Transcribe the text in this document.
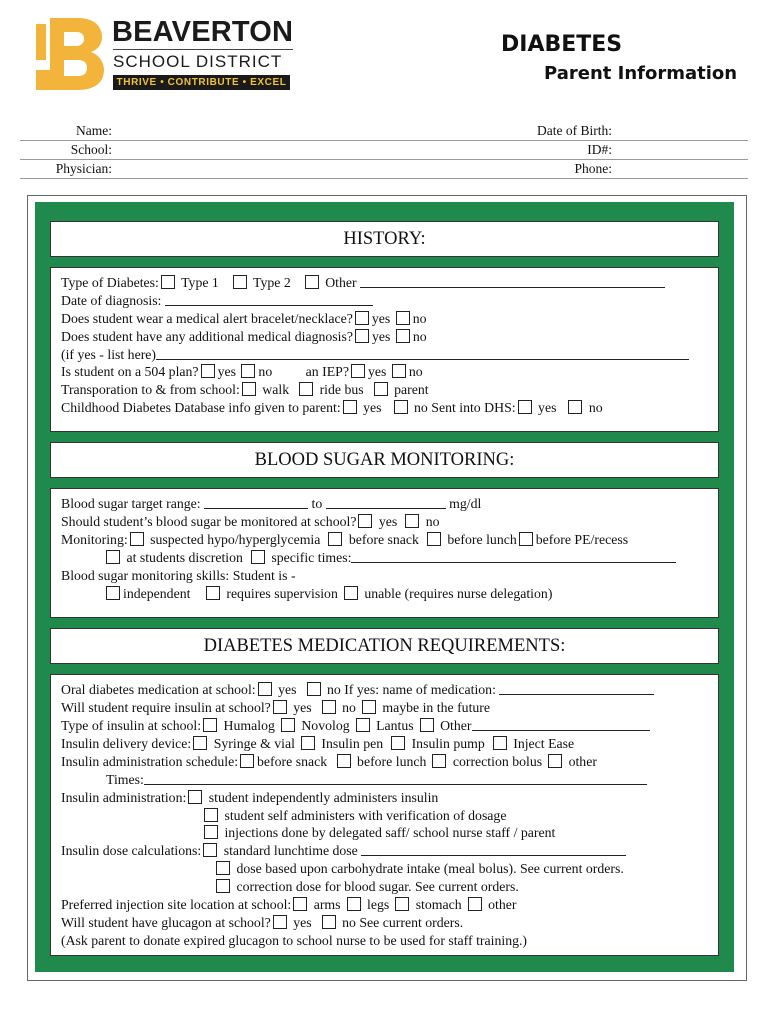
BEAVERTON
SCHOOL DISTRICT
THRIVE • CONTRIBUTE • EXCEL
DIABETES
Parent Information
Name:	Date of Birth:
School:	ID#:
Physician:	Phone:
HISTORY:
Type of Diabetes: Type 1 Type 2 Other
Date of diagnosis:
Does student wear a medical alert bracelet/necklace? yes no
Does student have any additional medical diagnosis? yes no
(if yes - list here)
Is student on a 504 plan? yes no an IEP? yes no
Transporation to & from school: walk ride bus parent
Childhood Diabetes Database info given to parent: yes no Sent into DHS: yes no
BLOOD SUGAR MONITORING:
Blood sugar target range:	to	mg/dl
Should student’s blood sugar be monitored at school? yes no
Monitoring: suspected hypo/hyperglycemia before snack before lunch before PE/recess
at students discretion specific times:
Blood sugar monitoring skills: Student is -
independent	requires supervision unable (requires nurse delegation)
DIABETES MEDICATION REQUIREMENTS:
Oral diabetes medication at school: yes no If yes: name of medication:
Will student require insulin at school? yes no maybe in the future
Type of insulin at school: Humalog Novolog Lantus Other
Insulin delivery device: Syringe & vial Insulin pen Insulin pump Inject Ease
Insulin administration schedule: before snack before lunch correction bolus other
Times:
Insulin administration: student independently administers insulin
student self administers with verification of dosage
injections done by delegated saff/ school nurse staff / parent
Insulin dose calculations: standard lunchtime dose
dose based upon carbohydrate intake (meal bolus). See current orders.
correction dose for blood sugar. See current orders.
Preferred injection site location at school: arms legs stomach other
Will student have glucagon at school? yes no See current orders.
(Ask parent to donate expired glucagon to school nurse to be used for staff training.)
